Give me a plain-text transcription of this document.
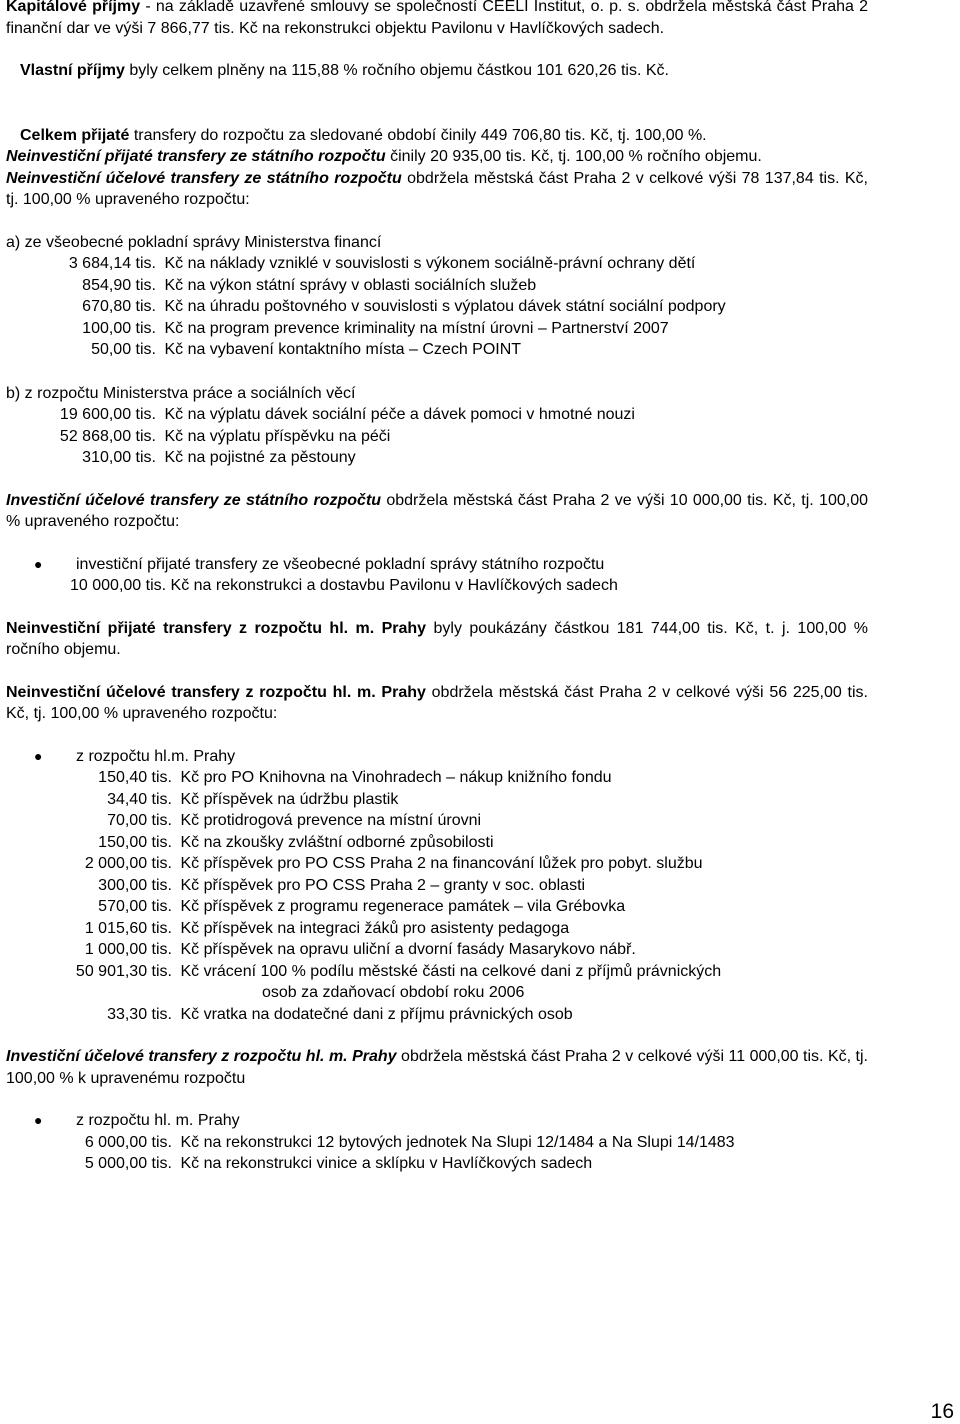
Kapitálové příjmy - na základě uzavřené smlouvy se společností CEELI Institut, o. p. s. obdržela městská část Praha 2 finanční dar ve výši 7 866,77 tis. Kč na rekonstrukci objektu Pavilonu v Havlíčkových sadech.

Vlastní příjmy byly celkem plněny na 115,88 % ročního objemu částkou 101 620,26 tis. Kč.

Celkem přijaté transfery do rozpočtu za sledované období činily 449 706,80 tis. Kč, tj. 100,00 %.

Neinvestiční přijaté transfery ze státního rozpočtu činily 20 935,00 tis. Kč, tj. 100,00 % ročního objemu.

Neinvestiční účelové transfery ze státního rozpočtu obdržela městská část Praha 2 v celkové výši 78 137,84 tis. Kč, tj. 100,00 % upraveného rozpočtu:

a) ze všeobecné pokladní správy Ministerstva financí

3 684,14 tis. Kč na náklady vzniklé v souvislosti s výkonem sociálně-právní ochrany dětí

854,90 tis. Kč na výkon státní správy v oblasti sociálních služeb

670,80 tis. Kč na úhradu poštovného v souvislosti s výplatou dávek státní sociální podpory

100,00 tis. Kč na program prevence kriminality na místní úrovni – Partnerství 2007

50,00 tis. Kč na vybavení kontaktního místa – Czech POINT

b) z rozpočtu Ministerstva práce a sociálních věcí

19 600,00 tis. Kč na výplatu dávek sociální péče a dávek pomoci v hmotné nouzi

52 868,00 tis. Kč na výplatu příspěvku na péči

310,00 tis. Kč na pojistné za pěstouny

Investiční účelové transfery ze státního rozpočtu obdržela městská část Praha 2 ve výši 10 000,00 tis. Kč, tj. 100,00 % upraveného rozpočtu:

●	investiční přijaté transfery ze všeobecné pokladní správy státního rozpočtu

10 000,00 tis. Kč na rekonstrukci a dostavbu Pavilonu v Havlíčkových sadech

Neinvestiční přijaté transfery z rozpočtu hl. m. Prahy byly poukázány částkou 181 744,00 tis. Kč, t. j. 100,00 % ročního objemu.

Neinvestiční účelové transfery z rozpočtu hl. m. Prahy obdržela městská část Praha 2 v celkové výši 56 225,00 tis. Kč, tj. 100,00 % upraveného rozpočtu:

●	z rozpočtu hl.m. Prahy

150,40 tis. Kč pro PO Knihovna na Vinohradech – nákup knižního fondu

34,40 tis. Kč příspěvek na údržbu plastik

70,00 tis. Kč protidrogová prevence na místní úrovni

150,00 tis. Kč na zkoušky zvláštní odborné způsobilosti

2 000,00 tis. Kč příspěvek pro PO CSS Praha 2 na financování lůžek pro pobyt. službu

300,00 tis. Kč příspěvek pro PO CSS Praha 2 – granty v soc. oblasti

570,00 tis. Kč příspěvek z programu regenerace památek – vila Grébovka

1 015,60 tis. Kč příspěvek na integraci žáků pro asistenty pedagoga

1 000,00 tis. Kč příspěvek na opravu uliční a dvorní fasády Masarykovo nábř.

50 901,30 tis. Kč vrácení 100 % podílu městské části na celkové dani z příjmů právnických

osob za zdaňovací období roku 2006

33,30 tis. Kč vratka na dodatečné dani z příjmu právnických osob

Investiční účelové transfery z rozpočtu hl. m. Prahy obdržela městská část Praha 2 v celkové výši 11 000,00 tis. Kč, tj. 100,00 % k upravenému rozpočtu

●	z rozpočtu hl. m. Prahy

6 000,00 tis. Kč na rekonstrukci 12 bytových jednotek Na Slupi 12/1484 a Na Slupi 14/1483

5 000,00 tis. Kč na rekonstrukci vinice a sklípku v Havlíčkových sadech

16
